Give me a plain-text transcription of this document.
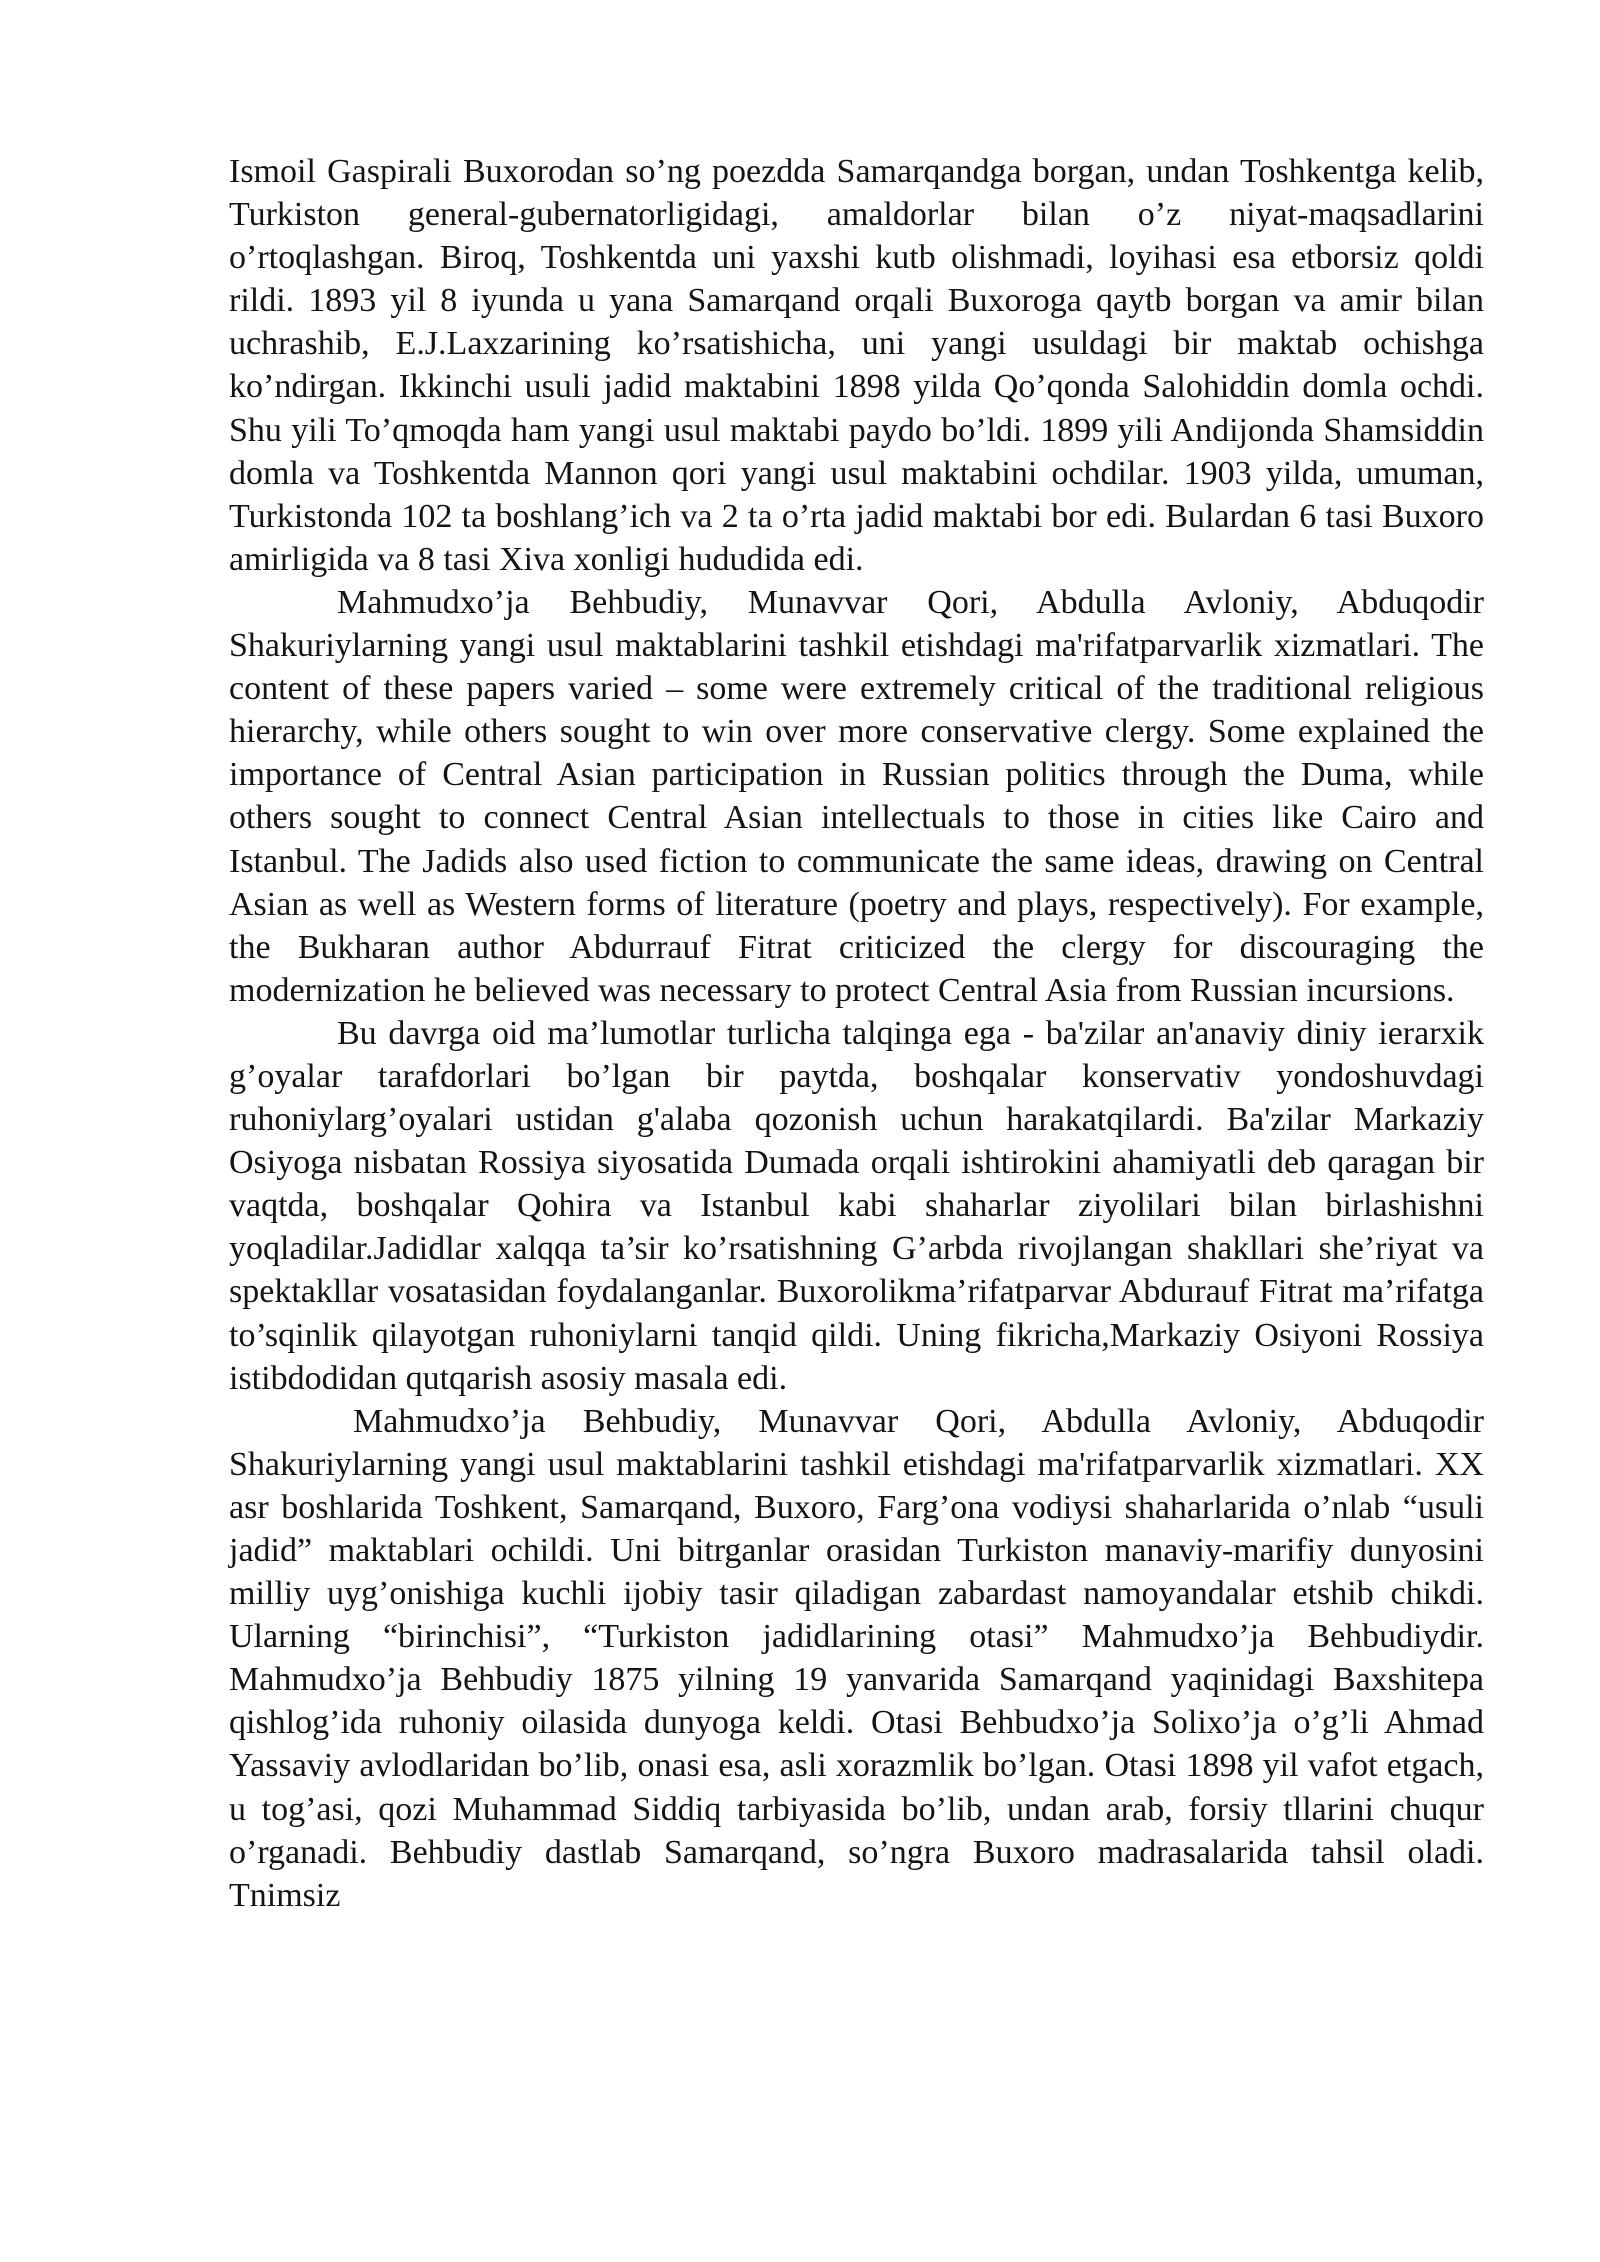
Ismoil Gaspirali Buxorodan so’ng poezdda Samarqandga borgan, undan Toshkentga kelib, Turkiston general-gubernatorligidagi, amaldorlar bilan o’z niyat-maqsadlarini o’rtoqlashgan. Biroq, Toshkentda uni yaxshi kutb olishmadi, loyihasi esa etborsiz qoldi rildi. 1893 yil 8 iyunda u yana Samarqand orqali Buxoroga qaytb borgan va amir bilan uchrashib, E.J.Laxzarining ko’rsatishicha, uni yangi usuldagi bir maktab ochishga ko’ndirgan. Ikkinchi usuli jadid maktabini 1898 yilda Qo’qonda Salohiddin domla ochdi. Shu yili To’qmoqda ham yangi usul maktabi paydo bo’ldi. 1899 yili Andijonda Shamsiddin domla va Toshkentda Mannon qori yangi usul maktabini ochdilar. 1903 yilda, umuman, Turkistonda 102 ta boshlang’ich va 2 ta o’rta jadid maktabi bor edi. Bulardan 6 tasi Buxoro amirligida va 8 tasi Xiva xonligi hududida edi.

Mahmudxo’ja Behbudiy, Munavvar Qori, Abdulla Avloniy, Abduqodir Shakuriylarning yangi usul maktablarini tashkil etishdagi ma'rifatparvarlik xizmatlari. The content of these papers varied – some were extremely critical of the traditional religious hierarchy, while others sought to win over more conservative clergy. Some explained the importance of Central Asian participation in Russian politics through the Duma, while others sought to connect Central Asian intellectuals to those in cities like Cairo and Istanbul. The Jadids also used fiction to communicate the same ideas, drawing on Central Asian as well as Western forms of literature (poetry and plays, respectively). For example, the Bukharan author Abdurrauf Fitrat criticized the clergy for discouraging the modernization he believed was necessary to protect Central Asia from Russian incursions.

Bu davrga oid ma’lumotlar turlicha talqinga ega - ba'zilar an'anaviy diniy ierarxik g’oyalar tarafdorlari bo’lgan bir paytda, boshqalar konservativ yondoshuvdagi ruhoniylarg’oyalari ustidan g'alaba qozonish uchun harakatqilardi. Ba'zilar Markaziy Osiyoga nisbatan Rossiya siyosatida Dumada orqali ishtirokini ahamiyatli deb qaragan bir vaqtda, boshqalar Qohira va Istanbul kabi shaharlar ziyolilari bilan birlashishni yoqladilar.Jadidlar xalqqa ta’sir ko’rsatishning G’arbda rivojlangan shakllari she’riyat va spektakllar vosatasidan foydalanganlar. Buxorolikma’rifatparvar Abdurauf Fitrat ma’rifatga to’sqinlik qilayotgan ruhoniylarni tanqid qildi. Uning fikricha,Markaziy Osiyoni Rossiya istibdodidan qutqarish asosiy masala edi.

Mahmudxo’ja Behbudiy, Munavvar Qori, Abdulla Avloniy, Abduqodir Shakuriylarning yangi usul maktablarini tashkil etishdagi ma'rifatparvarlik xizmatlari. XX asr boshlarida Toshkent, Samarqand, Buxoro, Farg’ona vodiysi shaharlarida o’nlab “usuli jadid” maktablari ochildi. Uni bitrganlar orasidan Turkiston manaviy-marifiy dunyosini milliy uyg’onishiga kuchli ijobiy tasir qiladigan zabardast namoyandalar etshib chikdi. Ularning “birinchisi”, “Turkiston jadidlarining otasi” Mahmudxo’ja Behbudiydir. Mahmudxo’ja Behbudiy 1875 yilning 19 yanvarida Samarqand yaqinidagi Baxshitepa qishlog’ida ruhoniy oilasida dunyoga keldi. Otasi Behbudxo’ja Solixo’ja o’g’li Ahmad Yassaviy avlodlaridan bo’lib, onasi esa, asli xorazmlik bo’lgan. Otasi 1898 yil vafot etgach, u tog’asi, qozi Muhammad Siddiq tarbiyasida bo’lib, undan arab, forsiy tllarini chuqur o’rganadi. Behbudiy dastlab Samarqand, so’ngra Buxoro madrasalarida tahsil oladi. Tnimsiz
